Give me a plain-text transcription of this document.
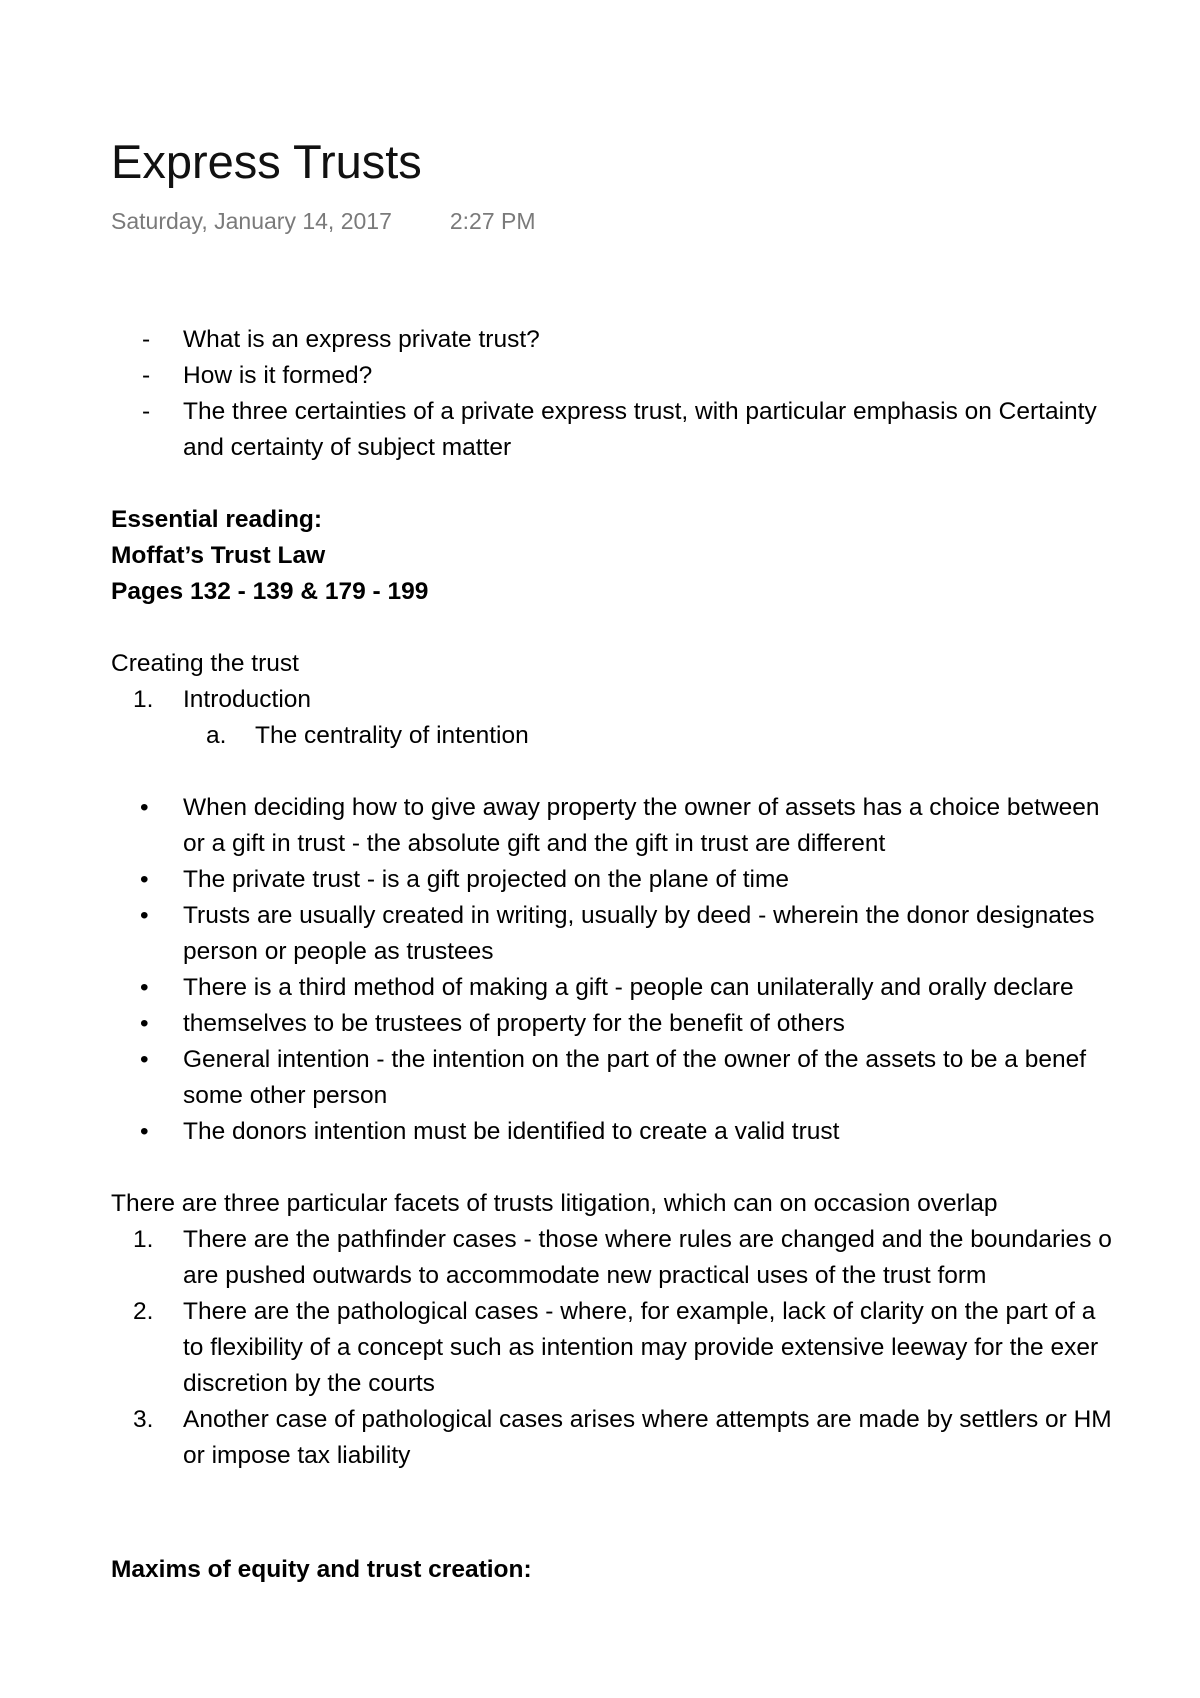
Express Trusts
Saturday, January 14, 2017	2:27 PM
- What is an express private trust?
- How is it formed?
- The three certainties of a private express trust, with particular emphasis on Certainty
and certainty of subject matter
Essential reading:
Moffat’s Trust Law
Pages 132 - 139 & 179 - 199
Creating the trust
1. Introduction
a. The centrality of intention
• When deciding how to give away property the owner of assets has a choice between
or a gift in trust - the absolute gift and the gift in trust are different
• The private trust - is a gift projected on the plane of time
• Trusts are usually created in writing, usually by deed - wherein the donor designates
person or people as trustees
• There is a third method of making a gift - people can unilaterally and orally declare
• themselves to be trustees of property for the benefit of others
• General intention - the intention on the part of the owner of the assets to be a benef
some other person
• The donors intention must be identified to create a valid trust
There are three particular facets of trusts litigation, which can on occasion overlap
1. There are the pathfinder cases - those where rules are changed and the boundaries o
are pushed outwards to accommodate new practical uses of the trust form
2. There are the pathological cases - where, for example, lack of clarity on the part of a
to flexibility of a concept such as intention may provide extensive leeway for the exer
discretion by the courts
3. Another case of pathological cases arises where attempts are made by settlers or HM
or impose tax liability
Maxims of equity and trust creation:
